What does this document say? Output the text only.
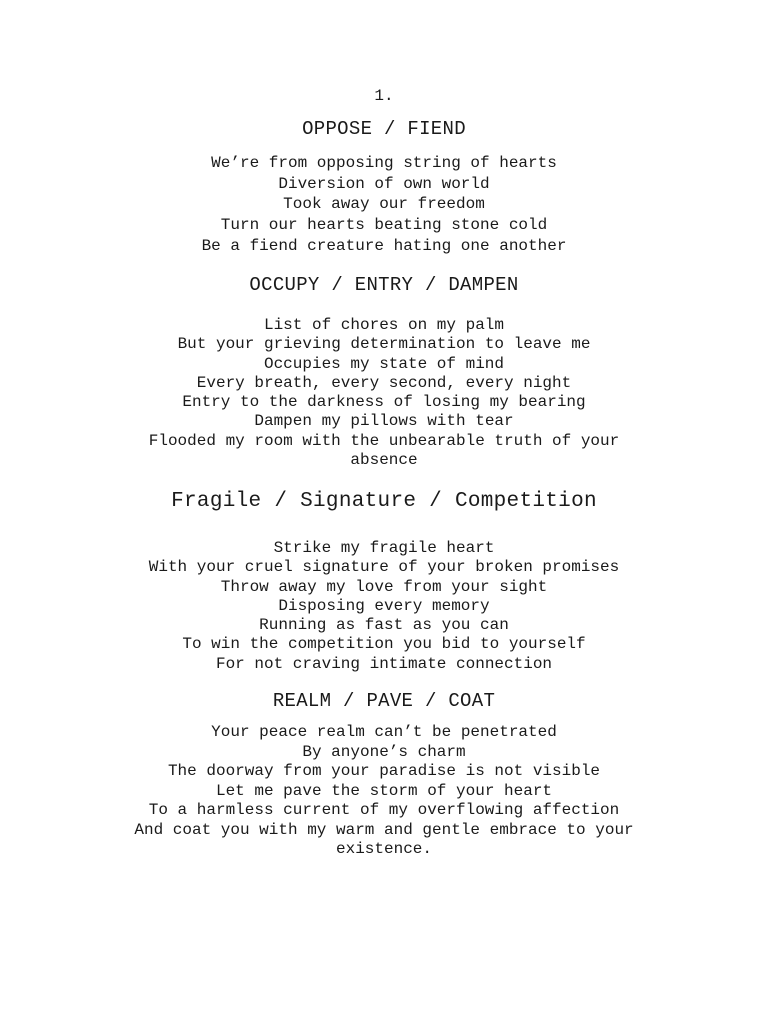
1.
OPPOSE / FIEND
We’re from opposing string of hearts
Diversion of own world
Took away our freedom
Turn our hearts beating stone cold
Be a fiend creature hating one another
OCCUPY / ENTRY / DAMPEN
List of chores on my palm
But your grieving determination to leave me
Occupies my state of mind
Every breath, every second, every night
Entry to the darkness of losing my bearing
Dampen my pillows with tear
Flooded my room with the unbearable truth of your
absence
Fragile / Signature / Competition
Strike my fragile heart
With your cruel signature of your broken promises
Throw away my love from your sight
Disposing every memory
Running as fast as you can
To win the competition you bid to yourself
For not craving intimate connection
REALM / PAVE / COAT
Your peace realm can’t be penetrated
By anyone’s charm
The doorway from your paradise is not visible
Let me pave the storm of your heart
To a harmless current of my overflowing affection
And coat you with my warm and gentle embrace to your
existence.
